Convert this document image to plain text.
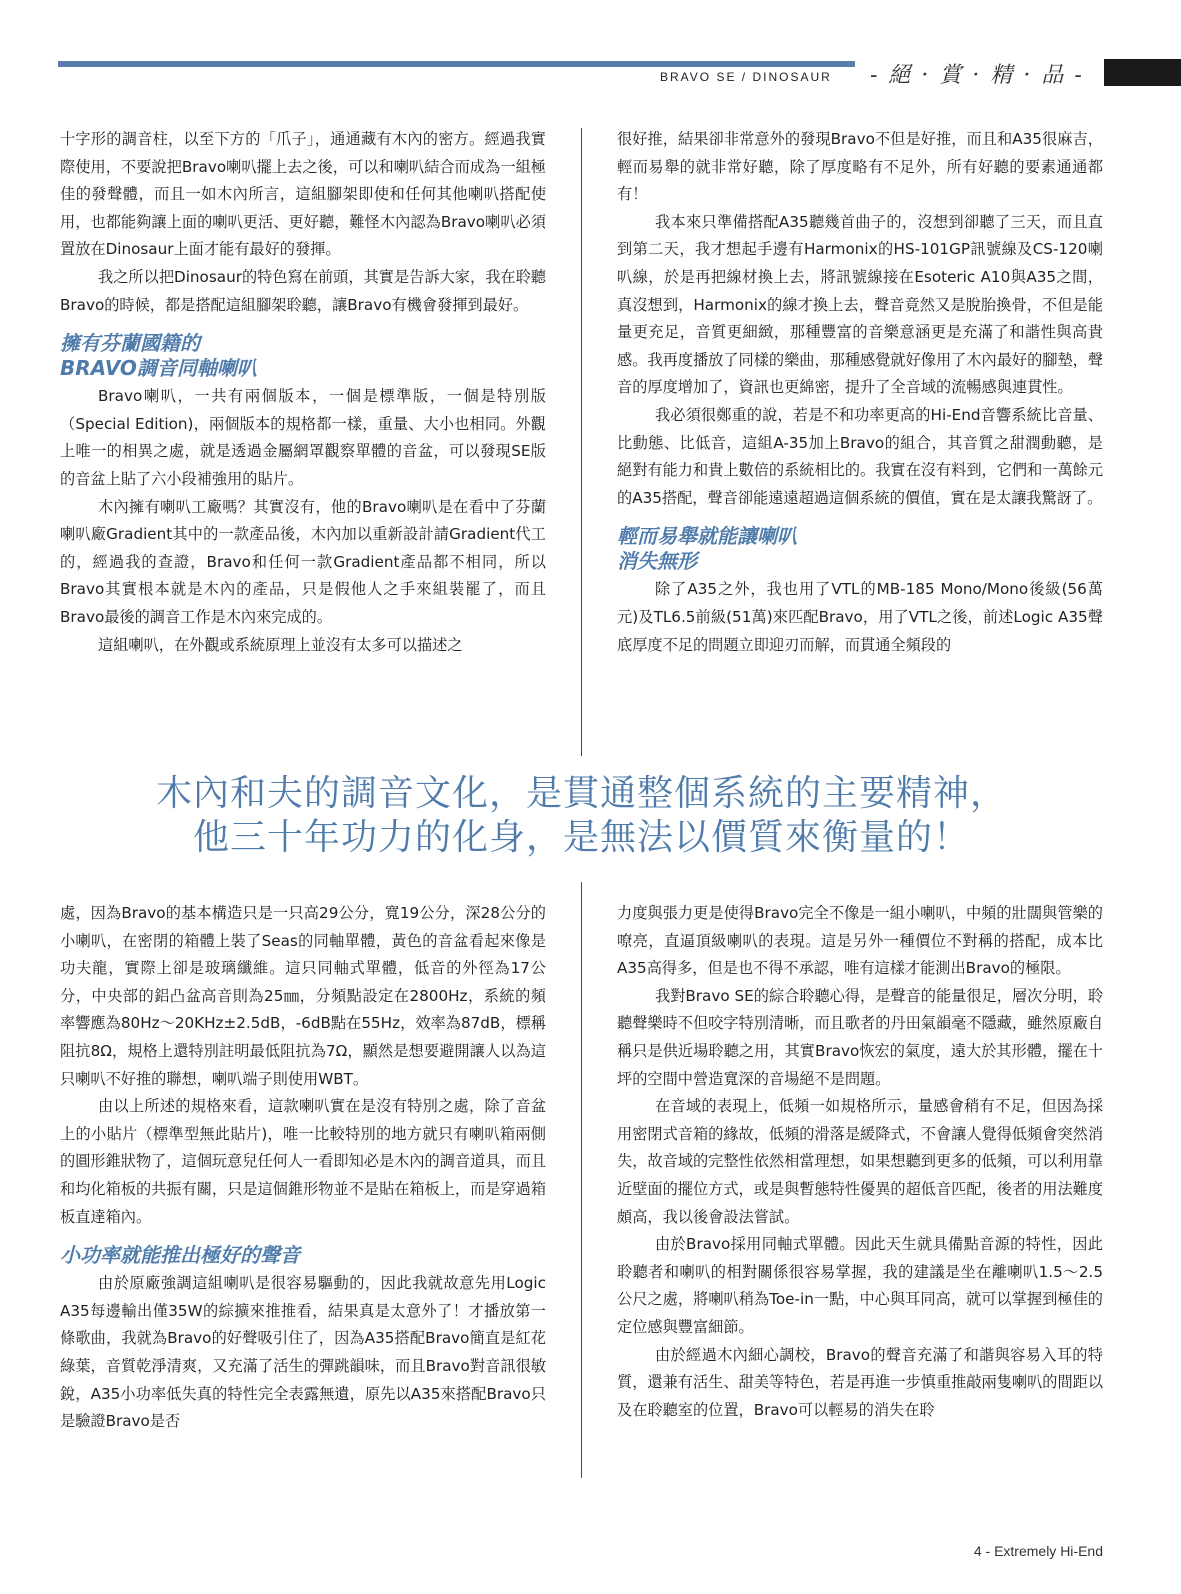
BRAVO SE / DINOSAUR	- 絕 · 賞 · 精 · 品 -

十字形的調音柱，以至下方的「爪子」，通通藏有木內的密方。經過我實際使用，不要說把Bravo喇叭擺上去之後，可以和喇叭結合而成為一組極佳的發聲體，而且一如木內所言，這組腳架即使和任何其他喇叭搭配使用，也都能夠讓上面的喇叭更活、更好聽，難怪木內認為Bravo喇叭必須置放在Dinosaur上面才能有最好的發揮。

我之所以把Dinosaur的特色寫在前頭，其實是告訴大家，我在聆聽Bravo的時候，都是搭配這組腳架聆聽，讓Bravo有機會發揮到最好。

擁有芬蘭國籍的
BRAVO調音同軸喇叭

Bravo喇叭，一共有兩個版本，一個是標準版，一個是特別版（Special Edition)，兩個版本的規格都一樣，重量、大小也相同。外觀上唯一的相異之處，就是透過金屬網罩觀察單體的音盆，可以發現SE版的音盆上貼了六小段補強用的貼片。

木內擁有喇叭工廠嗎？其實沒有，他的Bravo喇叭是在看中了芬蘭喇叭廠Gradient其中的一款產品後，木內加以重新設計請Gradient代工的，經過我的查證，Bravo和任何一款Gradient產品都不相同，所以Bravo其實根本就是木內的產品，只是假他人之手來組裝罷了，而且Bravo最後的調音工作是木內來完成的。

這組喇叭，在外觀或系統原理上並沒有太多可以描述之

很好推，結果卻非常意外的發現Bravo不但是好推，而且和A35很麻吉，輕而易舉的就非常好聽，除了厚度略有不足外，所有好聽的要素通通都有！

我本來只準備搭配A35聽幾首曲子的，沒想到卻聽了三天，而且直到第二天，我才想起手邊有Harmonix的HS-101GP訊號線及CS-120喇叭線，於是再把線材換上去，將訊號線接在Esoteric A10與A35之間，真沒想到，Harmonix的線才換上去，聲音竟然又是脫胎換骨，不但是能量更充足，音質更細緻，那種豐富的音樂意涵更是充滿了和諧性與高貴感。我再度播放了同樣的樂曲，那種感覺就好像用了木內最好的腳墊，聲音的厚度增加了，資訊也更綿密，提升了全音域的流暢感與連貫性。

我必須很鄭重的說，若是不和功率更高的Hi-End音響系統比音量、比動態、比低音，這組A-35加上Bravo的組合，其音質之甜潤動聽，是絕對有能力和貴上數倍的系統相比的。我實在沒有料到，它們和一萬餘元的A35搭配，聲音卻能遠遠超過這個系統的價值，實在是太讓我驚訝了。

輕而易舉就能讓喇叭
消失無形

除了A35之外，我也用了VTL的MB-185 Mono/Mono後級(56萬元)及TL6.5前級(51萬)來匹配Bravo，用了VTL之後，前述Logic A35聲底厚度不足的問題立即迎刃而解，而貫通全頻段的

木內和夫的調音文化，是貫通整個系統的主要精神，
他三十年功力的化身，是無法以價質來衡量的！

處，因為Bravo的基本構造只是一只高29公分，寬19公分，深28公分的小喇叭，在密閉的箱體上裝了Seas的同軸單體，黃色的音盆看起來像是功夫龍，實際上卻是玻璃纖維。這只同軸式單體，低音的外徑為17公分，中央部的鋁凸盆高音則為25㎜，分頻點設定在2800Hz，系統的頻率響應為80Hz～20KHz±2.5dB，-6dB點在55Hz，效率為87dB，標稱阻抗8Ω，規格上還特別註明最低阻抗為7Ω，顯然是想要避開讓人以為這只喇叭不好推的聯想，喇叭端子則使用WBT。

由以上所述的規格來看，這款喇叭實在是沒有特別之處，除了音盆上的小貼片（標準型無此貼片)，唯一比較特別的地方就只有喇叭箱兩側的圓形錐狀物了，這個玩意兒任何人一看即知必是木內的調音道具，而且和均化箱板的共振有關，只是這個錐形物並不是貼在箱板上，而是穿過箱板直達箱內。

小功率就能推出極好的聲音

由於原廠強調這組喇叭是很容易驅動的，因此我就故意先用Logic A35每邊輸出僅35W的綜擴來推推看，結果真是太意外了！才播放第一條歌曲，我就為Bravo的好聲吸引住了，因為A35搭配Bravo簡直是紅花綠葉，音質乾淨清爽，又充滿了活生的彈跳韻味，而且Bravo對音訊很敏銳，A35小功率低失真的特性完全表露無遺，原先以A35來搭配Bravo只是驗證Bravo是否

力度與張力更是使得Bravo完全不像是一組小喇叭，中頻的壯闊與管樂的嘹亮，直逼頂級喇叭的表現。這是另外一種價位不對稱的搭配，成本比A35高得多，但是也不得不承認，唯有這樣才能測出Bravo的極限。

我對Bravo SE的綜合聆聽心得，是聲音的能量很足，層次分明，聆聽聲樂時不但咬字特別清晰，而且歌者的丹田氣韻毫不隱藏，雖然原廠自稱只是供近場聆聽之用，其實Bravo恢宏的氣度，遠大於其形體，擺在十坪的空間中營造寬深的音場絕不是問題。

在音域的表現上，低頻一如規格所示，量感會稍有不足，但因為採用密閉式音箱的緣故，低頻的滑落是緩降式，不會讓人覺得低頻會突然消失，故音域的完整性依然相當理想，如果想聽到更多的低頻，可以利用靠近壁面的擺位方式，或是與暫態特性優異的超低音匹配，後者的用法難度頗高，我以後會設法嘗試。

由於Bravo採用同軸式單體。因此天生就具備點音源的特性，因此聆聽者和喇叭的相對關係很容易掌握，我的建議是坐在離喇叭1.5～2.5公尺之處，將喇叭稍為Toe-in一點，中心與耳同高，就可以掌握到極佳的定位感與豐富細節。

由於經過木內細心調校，Bravo的聲音充滿了和諧與容易入耳的特質，還兼有活生、甜美等特色，若是再進一步慎重推敲兩隻喇叭的間距以及在聆聽室的位置，Bravo可以輕易的消失在聆

4 - Extremely Hi-End
